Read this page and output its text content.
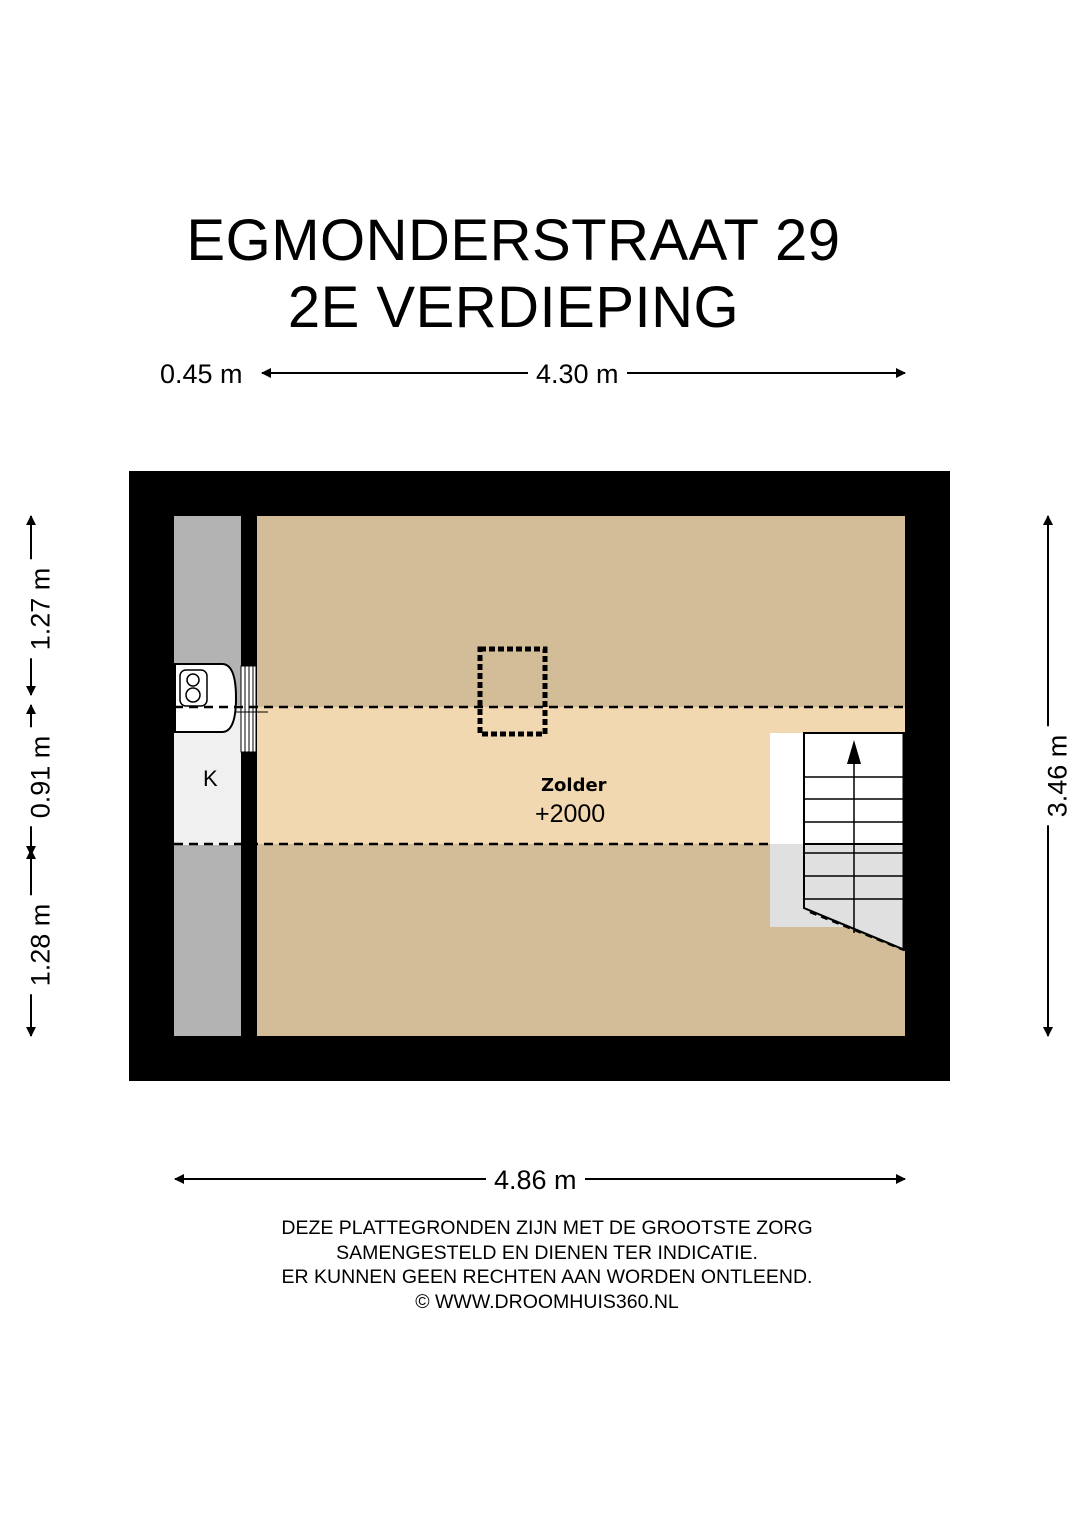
EGMONDERSTRAAT 29
2E VERDIEPING
0.45 m	4.30 m
4.86 m
1.27 m
0.91 m
1.28 m
3.46 m
Zolder
+2000
K
DEZE PLATTEGRONDEN ZIJN MET DE GROOTSTE ZORG
SAMENGESTELD EN DIENEN TER INDICATIE.
ER KUNNEN GEEN RECHTEN AAN WORDEN ONTLEEND.
© WWW.DROOMHUIS360.NL
